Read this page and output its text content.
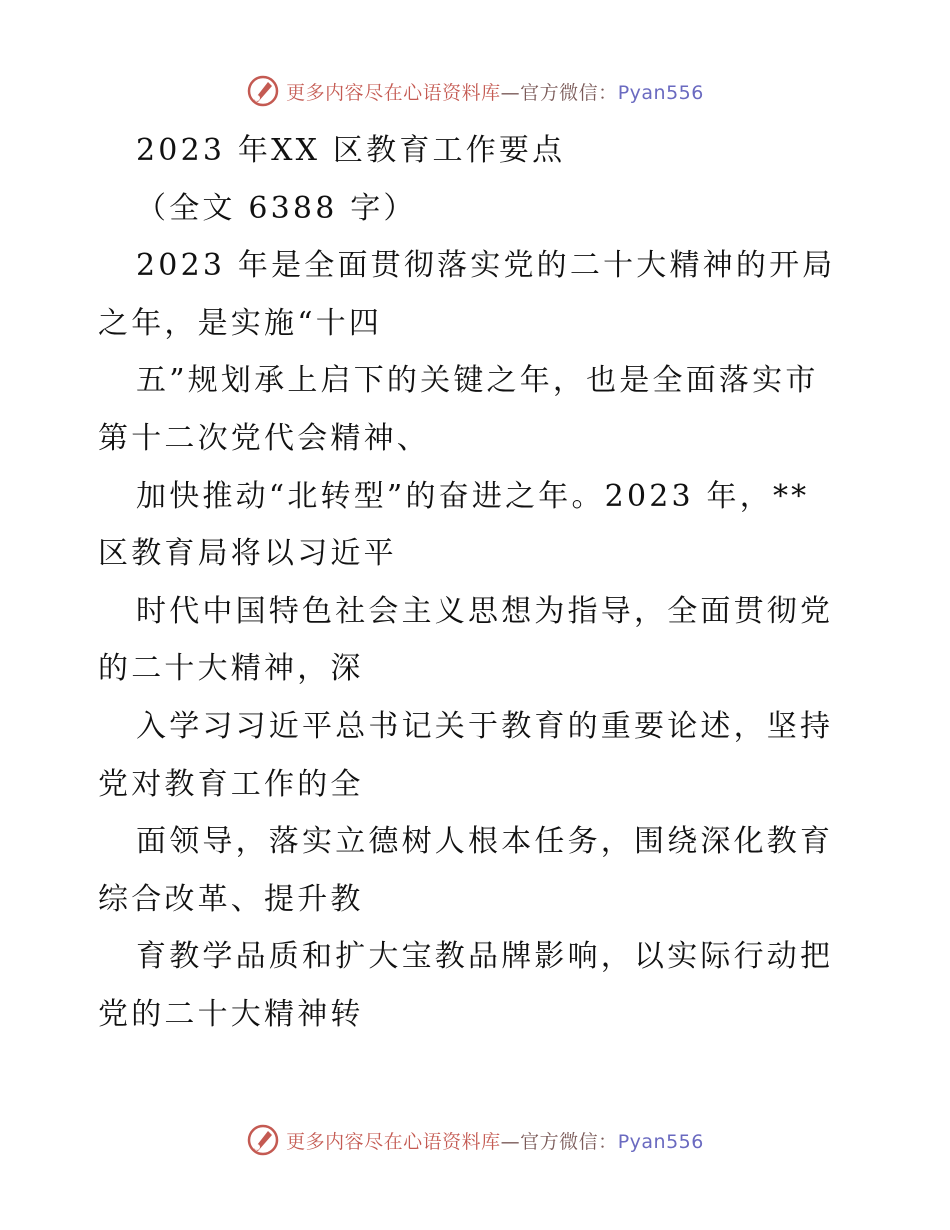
更多内容尽在心语资料库—官方微信：Pyan556
2023 年XX 区教育工作要点
（全文 6388 字）
2023 年是全面贯彻落实党的二十大精神的开局
之年，是实施“十四
五”规划承上启下的关键之年，也是全面落实市
第十二次党代会精神、
加快推动“北转型”的奋进之年。2023 年，**
区教育局将以习近平
时代中国特色社会主义思想为指导，全面贯彻党
的二十大精神，深
入学习习近平总书记关于教育的重要论述，坚持
党对教育工作的全
面领导，落实立德树人根本任务，围绕深化教育
综合改革、提升教
育教学品质和扩大宝教品牌影响，以实际行动把
党的二十大精神转
更多内容尽在心语资料库—官方微信：Pyan556
